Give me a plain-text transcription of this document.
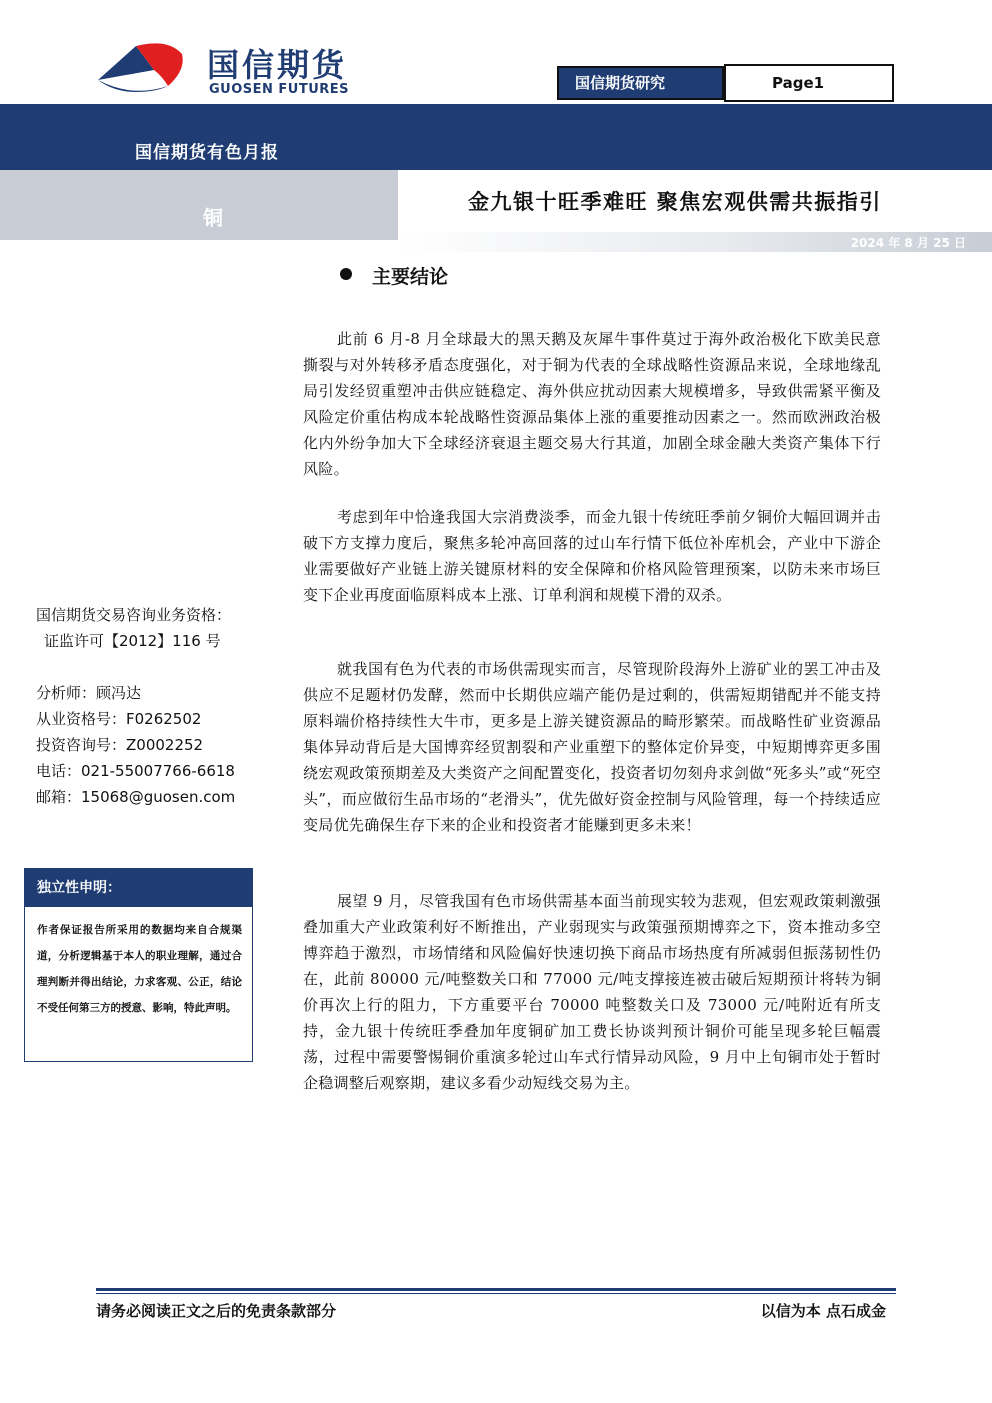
国信期货
GUOSEN FUTURES	国信期货研究	Page1
国信期货有色月报
铜
金九银十旺季难旺 聚焦宏观供需共振指引
2024 年 8 月 25 日
主要结论

此前 6 月-8 月全球最大的黑天鹅及灰犀牛事件莫过于海外政治极化下欧美民意撕裂与对外转移矛盾态度强化，对于铜为代表的全球战略性资源品来说，全球地缘乱局引发经贸重塑冲击供应链稳定、海外供应扰动因素大规模增多，导致供需紧平衡及风险定价重估构成本轮战略性资源品集体上涨的重要推动因素之一。然而欧洲政治极化内外纷争加大下全球经济衰退主题交易大行其道，加剧全球金融大类资产集体下行风险。

考虑到年中恰逢我国大宗消费淡季，而金九银十传统旺季前夕铜价大幅回调并击破下方支撑力度后，聚焦多轮冲高回落的过山车行情下低位补库机会，产业中下游企业需要做好产业链上游关键原材料的安全保障和价格风险管理预案，以防未来市场巨变下企业再度面临原料成本上涨、订单利润和规模下滑的双杀。

就我国有色为代表的市场供需现实而言，尽管现阶段海外上游矿业的罢工冲击及供应不足题材仍发酵，然而中长期供应端产能仍是过剩的，供需短期错配并不能支持原料端价格持续性大牛市，更多是上游关键资源品的畸形繁荣。而战略性矿业资源品集体异动背后是大国博弈经贸割裂和产业重塑下的整体定价异变，中短期博弈更多围绕宏观政策预期差及大类资产之间配置变化，投资者切勿刻舟求剑做“死多头”或“死空头”，而应做衍生品市场的“老滑头”，优先做好资金控制与风险管理，每一个持续适应变局优先确保生存下来的企业和投资者才能赚到更多未来！

展望 9 月，尽管我国有色市场供需基本面当前现实较为悲观，但宏观政策刺激强叠加重大产业政策利好不断推出，产业弱现实与政策强预期博弈之下，资本推动多空博弈趋于激烈，市场情绪和风险偏好快速切换下商品市场热度有所减弱但振荡韧性仍在，此前 80000 元/吨整数关口和 77000 元/吨支撑接连被击破后短期预计将转为铜价再次上行的阻力，下方重要平台 70000 吨整数关口及 73000 元/吨附近有所支持，金九银十传统旺季叠加年度铜矿加工费长协谈判预计铜价可能呈现多轮巨幅震荡，过程中需要警惕铜价重演多轮过山车式行情异动风险，9 月中上旬铜市处于暂时企稳调整后观察期，建议多看少动短线交易为主。

国信期货交易咨询业务资格：
证监许可【2012】116 号
分析师：顾冯达
从业资格号：F0262502
投资咨询号：Z0002252
电话：021-55007766-6618
邮箱：15068@guosen.com
独立性申明：
作者保证报告所采用的数据均来自合规渠道，分析逻辑基于本人的职业理解，通过合理判断并得出结论，力求客观、公正，结论不受任何第三方的授意、影响，特此声明。
请务必阅读正文之后的免责条款部分	以信为本 点石成金
